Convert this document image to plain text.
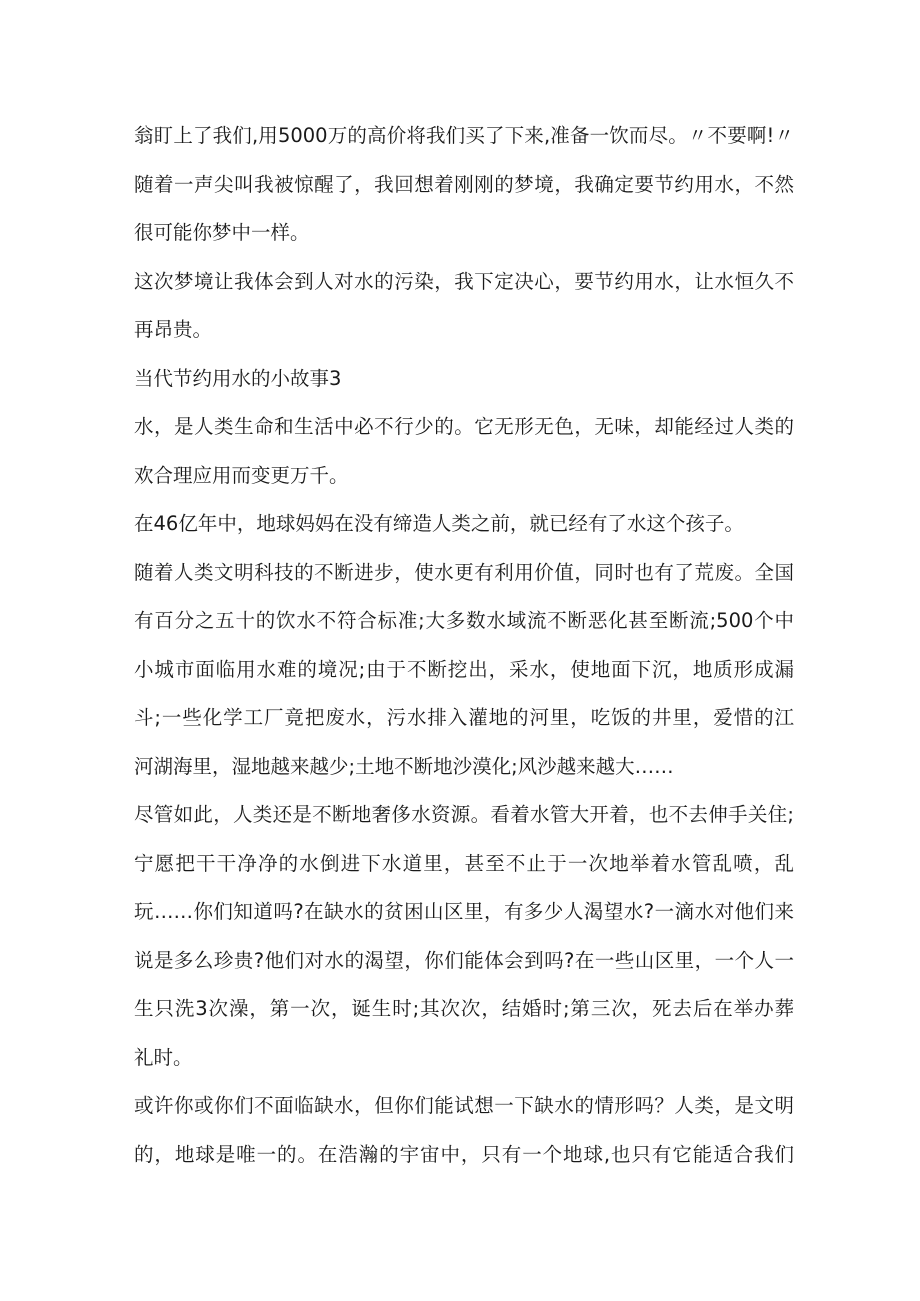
翁盯上了我们,用5000万的高价将我们买了下来,准备一饮而尽。〃不要啊!〃
随着一声尖叫我被惊醒了，我回想着刚刚的梦境，我确定要节约用水，不然
很可能你梦中一样。
这次梦境让我体会到人对水的污染，我下定决心，要节约用水，让水恒久不
再昂贵。
当代节约用水的小故事3
水，是人类生命和生活中必不行少的。它无形无色，无味，却能经过人类的
欢合理应用而变更万千。
在46亿年中，地球妈妈在没有缔造人类之前，就已经有了水这个孩子。
随着人类文明科技的不断进步，使水更有利用价值，同时也有了荒废。全国
有百分之五十的饮水不符合标准;大多数水域流不断恶化甚至断流;500个中
小城市面临用水难的境况;由于不断挖出，采水，使地面下沉，地质形成漏
斗;一些化学工厂竟把废水，污水排入灌地的河里，吃饭的井里，爱惜的江
河湖海里，湿地越来越少;土地不断地沙漠化;风沙越来越大……
尽管如此，人类还是不断地奢侈水资源。看着水管大开着，也不去伸手关住;
宁愿把干干净净的水倒进下水道里，甚至不止于一次地举着水管乱喷，乱
玩……你们知道吗?在缺水的贫困山区里，有多少人渴望水?一滴水对他们来
说是多么珍贵?他们对水的渴望，你们能体会到吗?在一些山区里，一个人一
生只洗3次澡，第一次，诞生时;其次次，结婚时;第三次，死去后在举办葬
礼时。
或许你或你们不面临缺水，但你们能试想一下缺水的情形吗？人类，是文明
的，地球是唯一的。在浩瀚的宇宙中，只有一个地球,也只有它能适合我们
